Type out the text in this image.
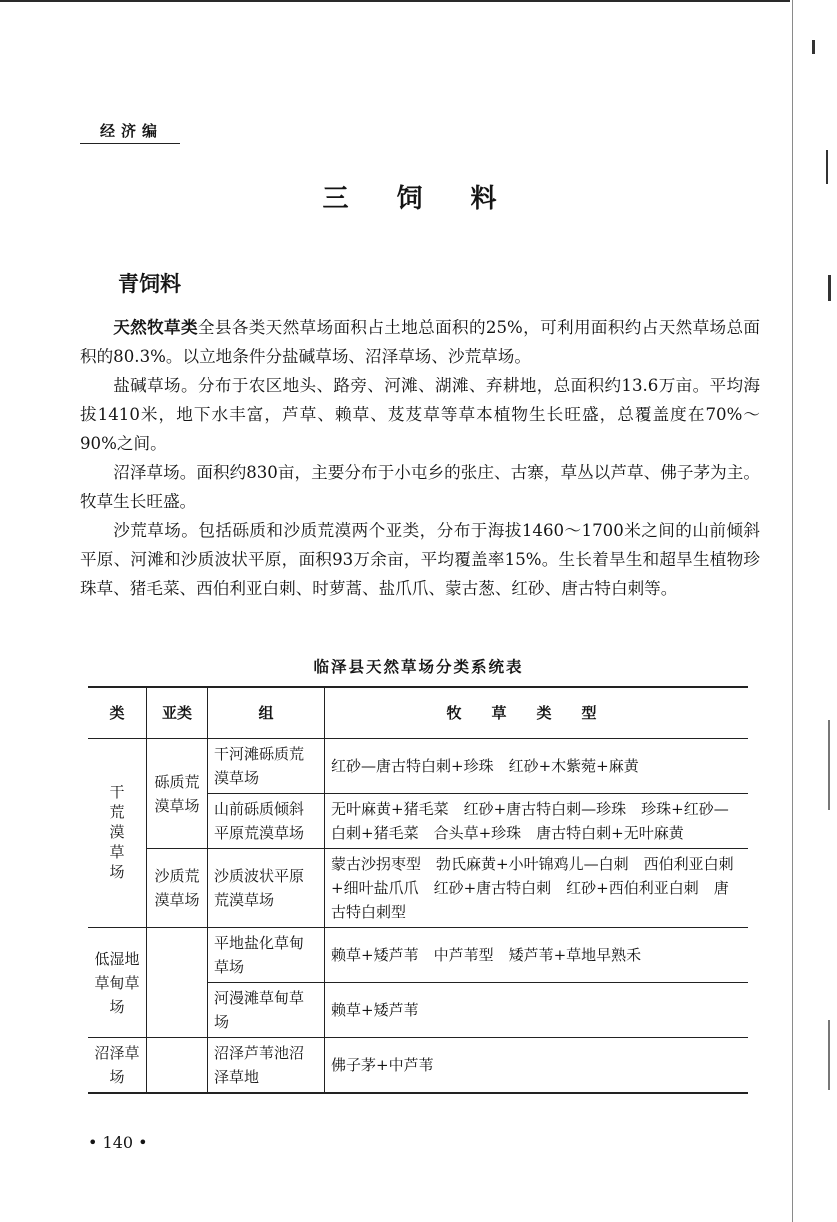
经济编
三饲料
青饲料

天然牧草类全县各类天然草场面积占土地总面积的25%，可利用面积约占天然草场总面积的80.3%。以立地条件分盐碱草场、沼泽草场、沙荒草场。

盐碱草场。分布于农区地头、路旁、河滩、湖滩、弃耕地，总面积约13.6万亩。平均海拔1410米，地下水丰富，芦草、赖草、芨芨草等草本植物生长旺盛，总覆盖度在70%～90%之间。

沼泽草场。面积约830亩，主要分布于小屯乡的张庄、古寨，草丛以芦草、佛子茅为主。牧草生长旺盛。

沙荒草场。包括砾质和沙质荒漠两个亚类，分布于海拔1460～1700米之间的山前倾斜平原、河滩和沙质波状平原，面积93万余亩，平均覆盖率15%。生长着旱生和超旱生植物珍珠草、猪毛菜、西伯利亚白刺、时萝蒿、盐爪爪、蒙古葱、红砂、唐古特白刺等。

临泽县天然草场分类系统表
类	亚类	组	牧草类型
干荒漠草场	砾质荒漠草场	干河滩砾质荒漠草场	红砂—唐古特白刺+珍珠　红砂+木紫菀+麻黄
		山前砾质倾斜平原荒漠草场	无叶麻黄+猪毛菜　红砂+唐古特白刺—珍珠　珍珠+红砂—白刺+猪毛菜　合头草+珍珠　唐古特白刺+无叶麻黄
	沙质荒漠草场	沙质波状平原荒漠草场	蒙古沙拐枣型　勃氏麻黄+小叶锦鸡儿—白刺　西伯利亚白刺+细叶盐爪爪　红砂+唐古特白刺　红砂+西伯利亚白刺　唐古特白刺型
低湿地草甸草场		平地盐化草甸草场	赖草+矮芦苇　中芦苇型　矮芦苇+草地早熟禾
		河漫滩草甸草场	赖草+矮芦苇
沼泽草场		沼泽芦苇池沼泽草地	佛子茅+中芦苇
• 140 •
